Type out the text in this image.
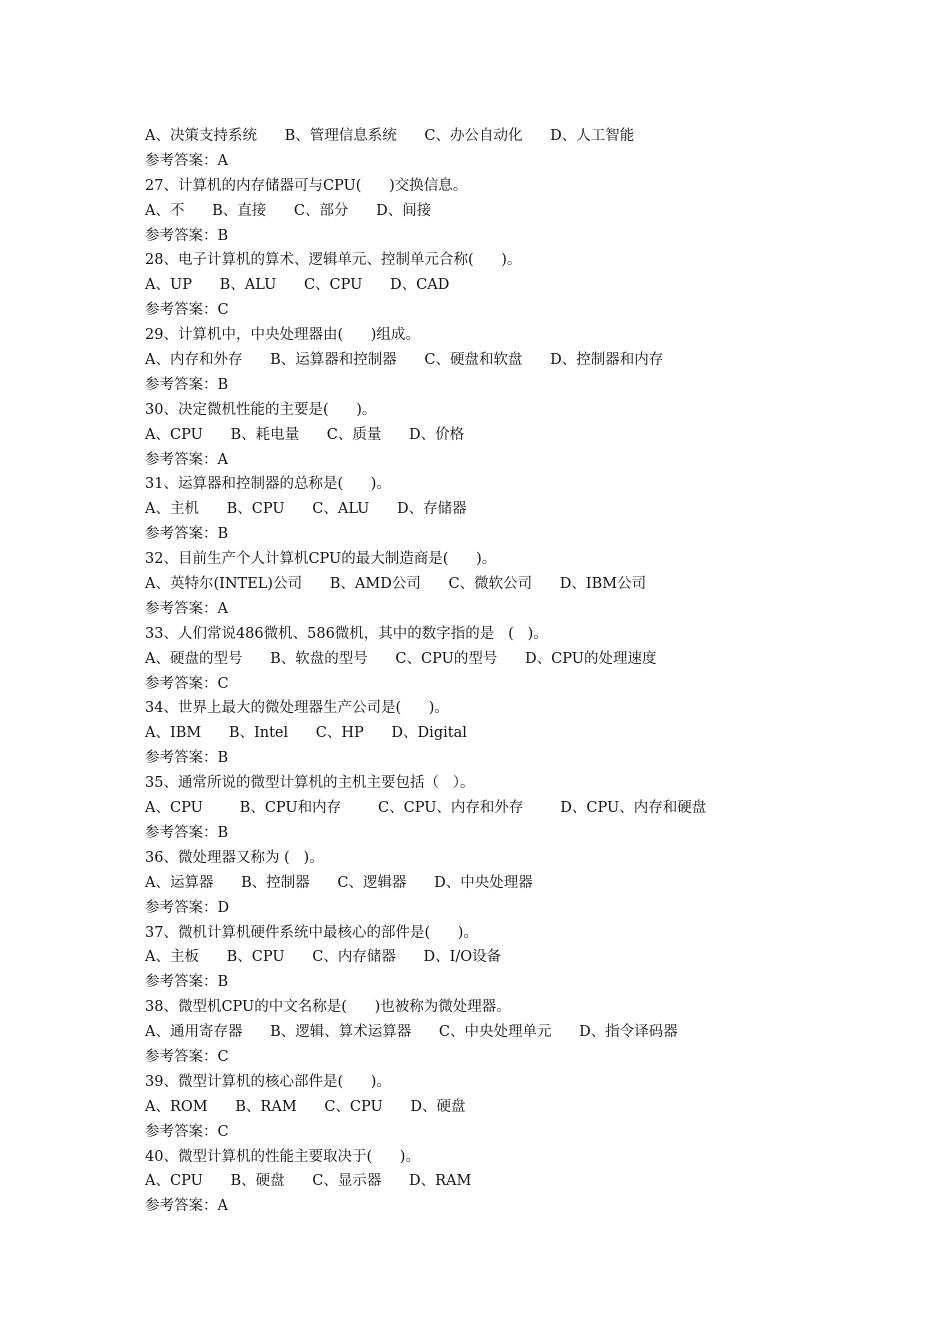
A、决策支持系统      B、管理信息系统      C、办公自动化      D、人工智能
参考答案：A
27、计算机的内存储器可与CPU(      )交换信息。
A、不      B、直接      C、部分      D、间接
参考答案：B
28、电子计算机的算术、逻辑单元、控制单元合称(      )。
A、UP      B、ALU      C、CPU      D、CAD
参考答案：C
29、计算机中，中央处理器由(      )组成。
A、内存和外存      B、运算器和控制器      C、硬盘和软盘      D、控制器和内存
参考答案：B
30、决定微机性能的主要是(      )。
A、CPU      B、耗电量      C、质量      D、价格
参考答案：A
31、运算器和控制器的总称是(      )。
A、主机      B、CPU      C、ALU      D、存储器
参考答案：B
32、目前生产个人计算机CPU的最大制造商是(      )。
A、英特尔(INTEL)公司      B、AMD公司      C、微软公司      D、IBM公司
参考答案：A
33、人们常说486微机、586微机，其中的数字指的是   (   )。
A、硬盘的型号      B、软盘的型号      C、CPU的型号      D、CPU的处理速度
参考答案：C
34、世界上最大的微处理器生产公司是(      )。
A、IBM      B、Intel      C、HP      D、Digital
参考答案：B
35、通常所说的微型计算机的主机主要包括（   ）。
A、CPU        B、CPU和内存        C、CPU、内存和外存        D、CPU、内存和硬盘
参考答案：B
36、微处理器又称为 (   )。
A、运算器      B、控制器      C、逻辑器      D、中央处理器
参考答案：D
37、微机计算机硬件系统中最核心的部件是(      )。
A、主板      B、CPU      C、内存储器      D、I/O设备
参考答案：B
38、微型机CPU的中文名称是(      )也被称为微处理器。
A、通用寄存器      B、逻辑、算术运算器      C、中央处理单元      D、指令译码器
参考答案：C
39、微型计算机的核心部件是(      )。
A、ROM      B、RAM      C、CPU      D、硬盘
参考答案：C
40、微型计算机的性能主要取决于(      )。
A、CPU      B、硬盘      C、显示器      D、RAM
参考答案：A
